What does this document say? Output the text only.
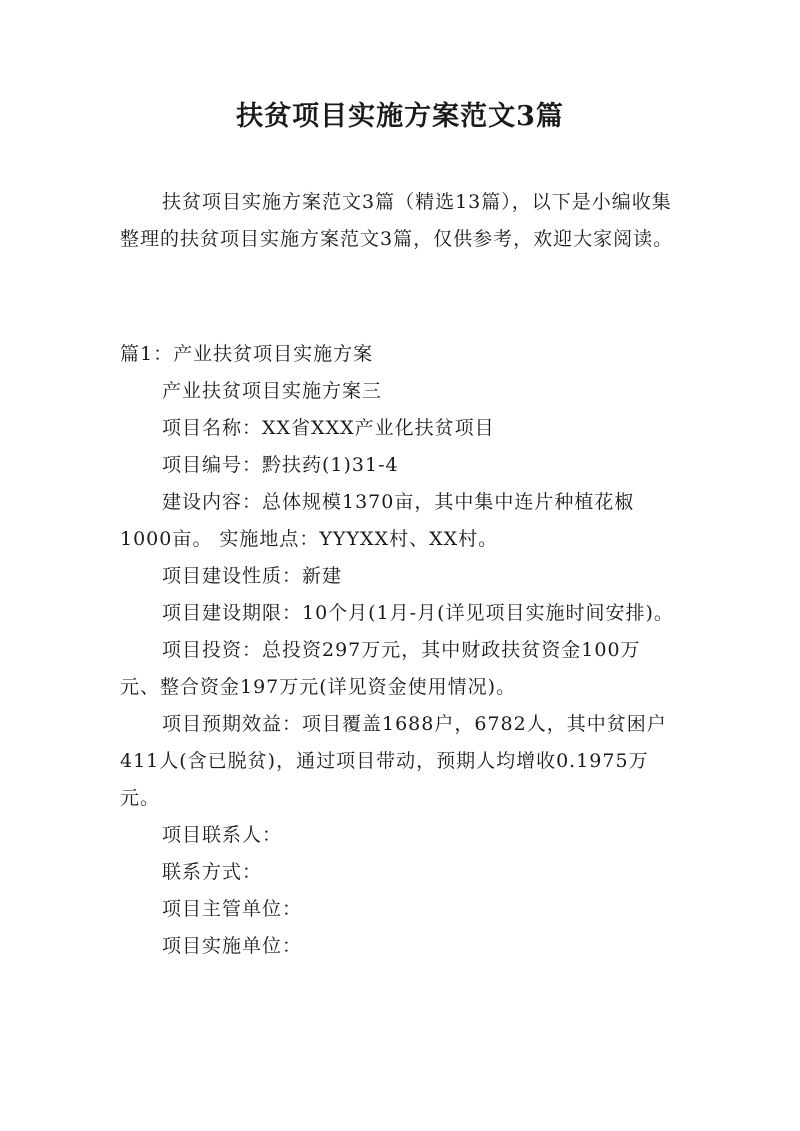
扶贫项目实施方案范文3篇
扶贫项目实施方案范文3篇（精选13篇），以下是小编收集整理的扶贫项目实施方案范文3篇，仅供参考，欢迎大家阅读。
篇1：产业扶贫项目实施方案

产业扶贫项目实施方案三

项目名称：XX省XXX产业化扶贫项目

项目编号：黔扶药(1)31-4

建设内容：总体规模1370亩，其中集中连片种植花椒1000亩。 实施地点：YYYXX村、XX村。

项目建设性质：新建

项目建设期限：10个月(1月-月(详见项目实施时间安排)。

项目投资：总投资297万元，其中财政扶贫资金100万元、整合资金197万元(详见资金使用情况)。

项目预期效益：项目覆盖1688户，6782人，其中贫困户411人(含已脱贫)，通过项目带动，预期人均增收0.1975万元。

项目联系人：

联系方式：

项目主管单位：

项目实施单位：
